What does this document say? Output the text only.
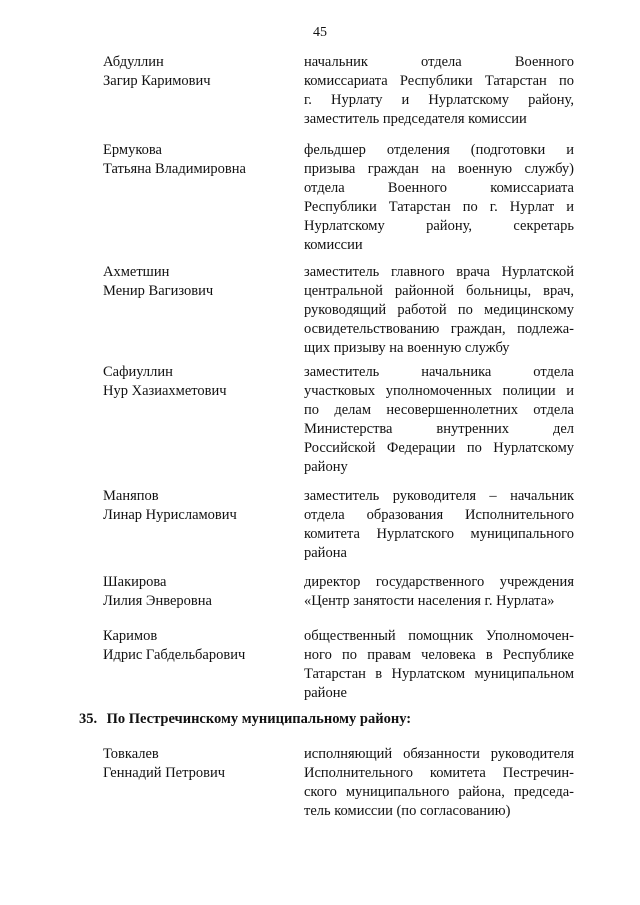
45
Абдуллин
Загир Каримович
начальник отдела Военного
комиссариата Республики Татарстан по
г. Нурлату и Нурлатскому району,
заместитель председателя комиссии
Ермукова
Татьяна Владимировна
фельдшер отделения (подготовки и
призыва граждан на военную службу)
отдела Военного комиссариата
Республики Татарстан по г. Нурлат и
Нурлатскому району, секретарь
комиссии
Ахметшин
Менир Вагизович
заместитель главного врача Нурлатской
центральной районной больницы, врач,
руководящий работой по медицинскому
освидетельствованию граждан, подлежа-
щих призыву на военную службу
Сафиуллин
Нур Хазиахметович
заместитель начальника отдела
участковых уполномоченных полиции и
по делам несовершеннолетних отдела
Министерства внутренних дел
Российской Федерации по Нурлатскому
району
Маняпов
Линар Нурисламович
заместитель руководителя – начальник
отдела образования Исполнительного
комитета Нурлатского муниципального
района
Шакирова
Лилия Энверовна
директор государственного учреждения
«Центр занятости населения г. Нурлата»
Каримов
Идрис Габдельбарович
общественный помощник Уполномочен-
ного по правам человека в Республике
Татарстан в Нурлатском муниципальном
районе
35. По Пестречинскому муниципальному району:
Товкалев
Геннадий Петрович
исполняющий обязанности руководителя
Исполнительного комитета Пестречин-
ского муниципального района, председа-
тель комиссии (по согласованию)
